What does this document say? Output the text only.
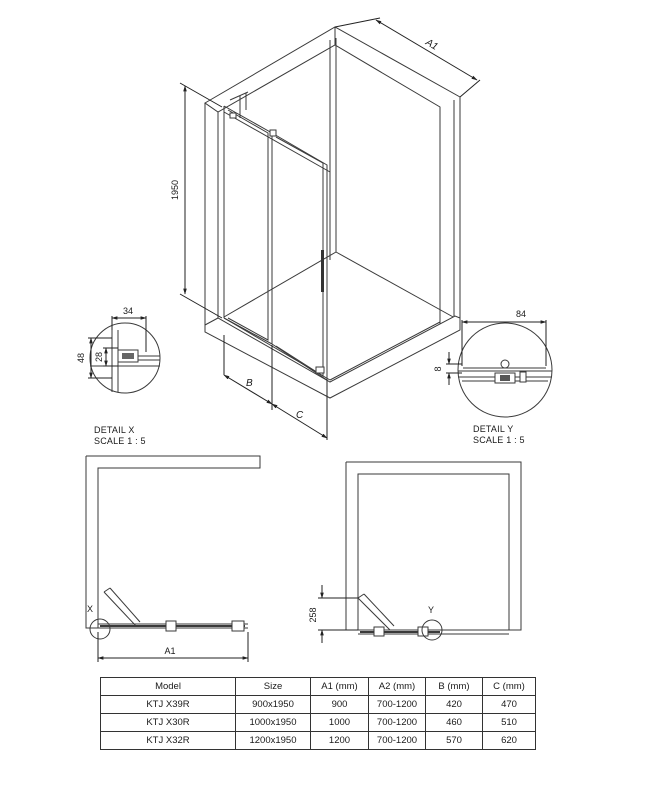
A1
1950
B
C
34
48 28
84
8
X
A1
Y
258
DETAIL X
SCALE 1 : 5
DETAIL Y
SCALE 1 : 5
Model	Size	A1 (mm)	A2 (mm)	B (mm)	C (mm)
KTJ X39R	900x1950	900	700-1200	420	470
KTJ X30R	1000x1950	1000	700-1200	460	510
KTJ X32R	1200x1950	1200	700-1200	570	620
